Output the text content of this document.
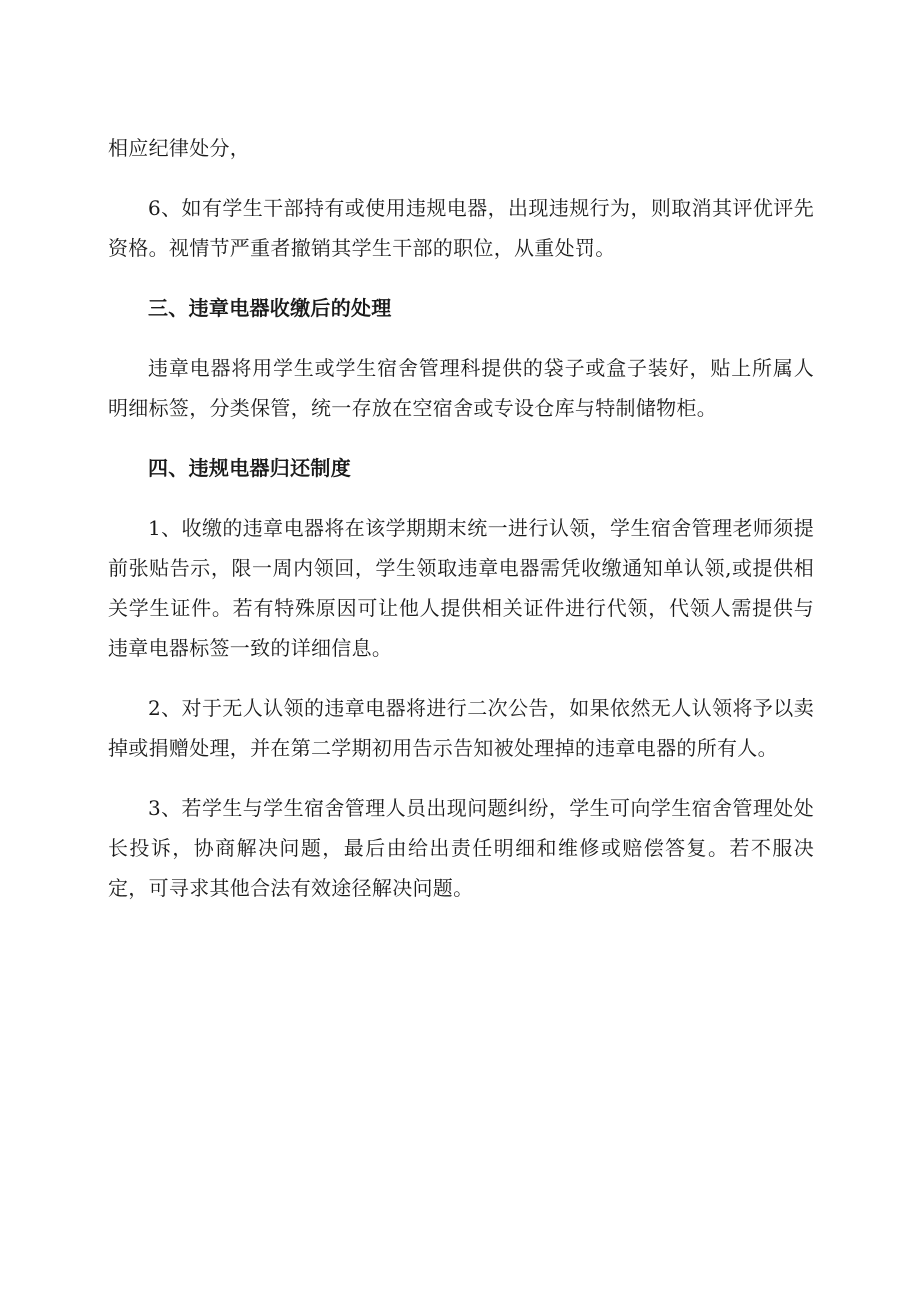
相应纪律处分，

6、如有学生干部持有或使用违规电器，出现违规行为，则取消其评优评先资格。视情节严重者撤销其学生干部的职位，从重处罚。

三、违章电器收缴后的处理

违章电器将用学生或学生宿舍管理科提供的袋子或盒子装好，贴上所属人明细标签，分类保管，统一存放在空宿舍或专设仓库与特制储物柜。

四、违规电器归还制度

1、收缴的违章电器将在该学期期末统一进行认领，学生宿舍管理老师须提前张贴告示，限一周内领回，学生领取违章电器需凭收缴通知单认领,或提供相关学生证件。若有特殊原因可让他人提供相关证件进行代领，代领人需提供与违章电器标签一致的详细信息。

2、对于无人认领的违章电器将进行二次公告，如果依然无人认领将予以卖掉或捐赠处理，并在第二学期初用告示告知被处理掉的违章电器的所有人。

3、若学生与学生宿舍管理人员出现问题纠纷，学生可向学生宿舍管理处处长投诉，协商解决问题，最后由给出责任明细和维修或赔偿答复。若不服决定，可寻求其他合法有效途径解决问题。
